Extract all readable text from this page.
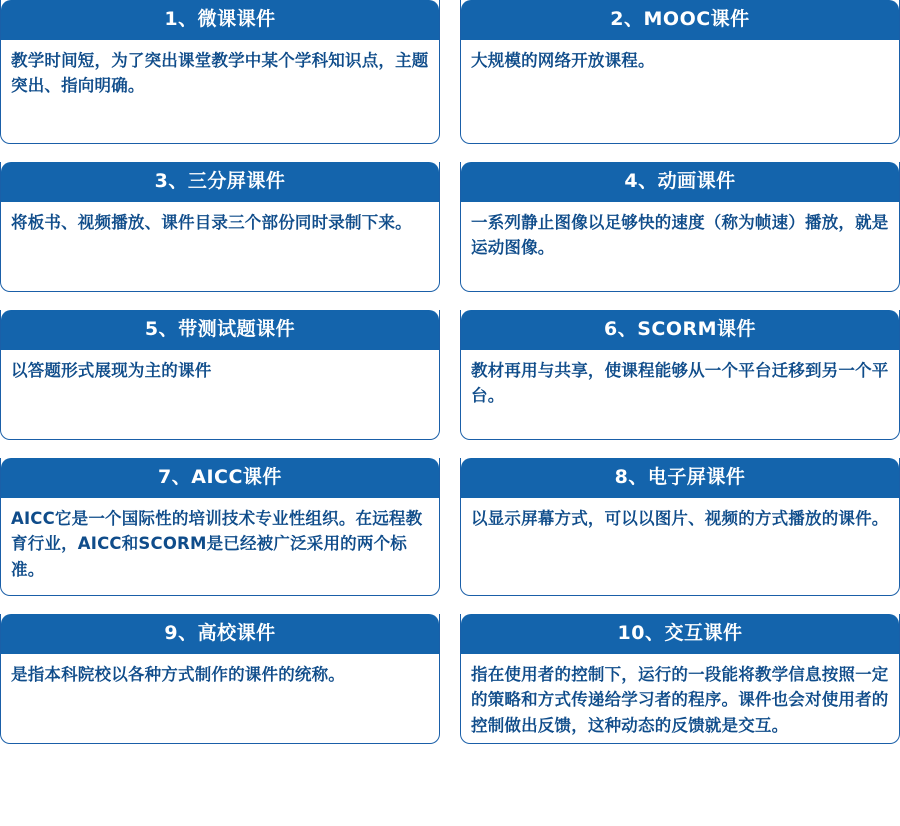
1、微课课件
教学时间短，为了突出课堂教学中某个学科知识点，主题突出、指向明确。
2、MOOC课件
大规模的网络开放课程。
3、三分屏课件
将板书、视频播放、课件目录三个部份同时录制下来。
4、动画课件
一系列静止图像以足够快的速度（称为帧速）播放，就是运动图像。
5、带测试题课件
以答题形式展现为主的课件
6、SCORM课件
教材再用与共享，使课程能够从一个平台迁移到另一个平台。
7、AICC课件
AICC它是一个国际性的培训技术专业性组织。在远程教育行业，AICC和SCORM是已经被广泛采用的两个标准。
8、电子屏课件
以显示屏幕方式，可以以图片、视频的方式播放的课件。
9、高校课件
是指本科院校以各种方式制作的课件的统称。
10、交互课件
指在使用者的控制下，运行的一段能将教学信息按照一定的策略和方式传递给学习者的程序。课件也会对使用者的控制做出反馈，这种动态的反馈就是交互。
